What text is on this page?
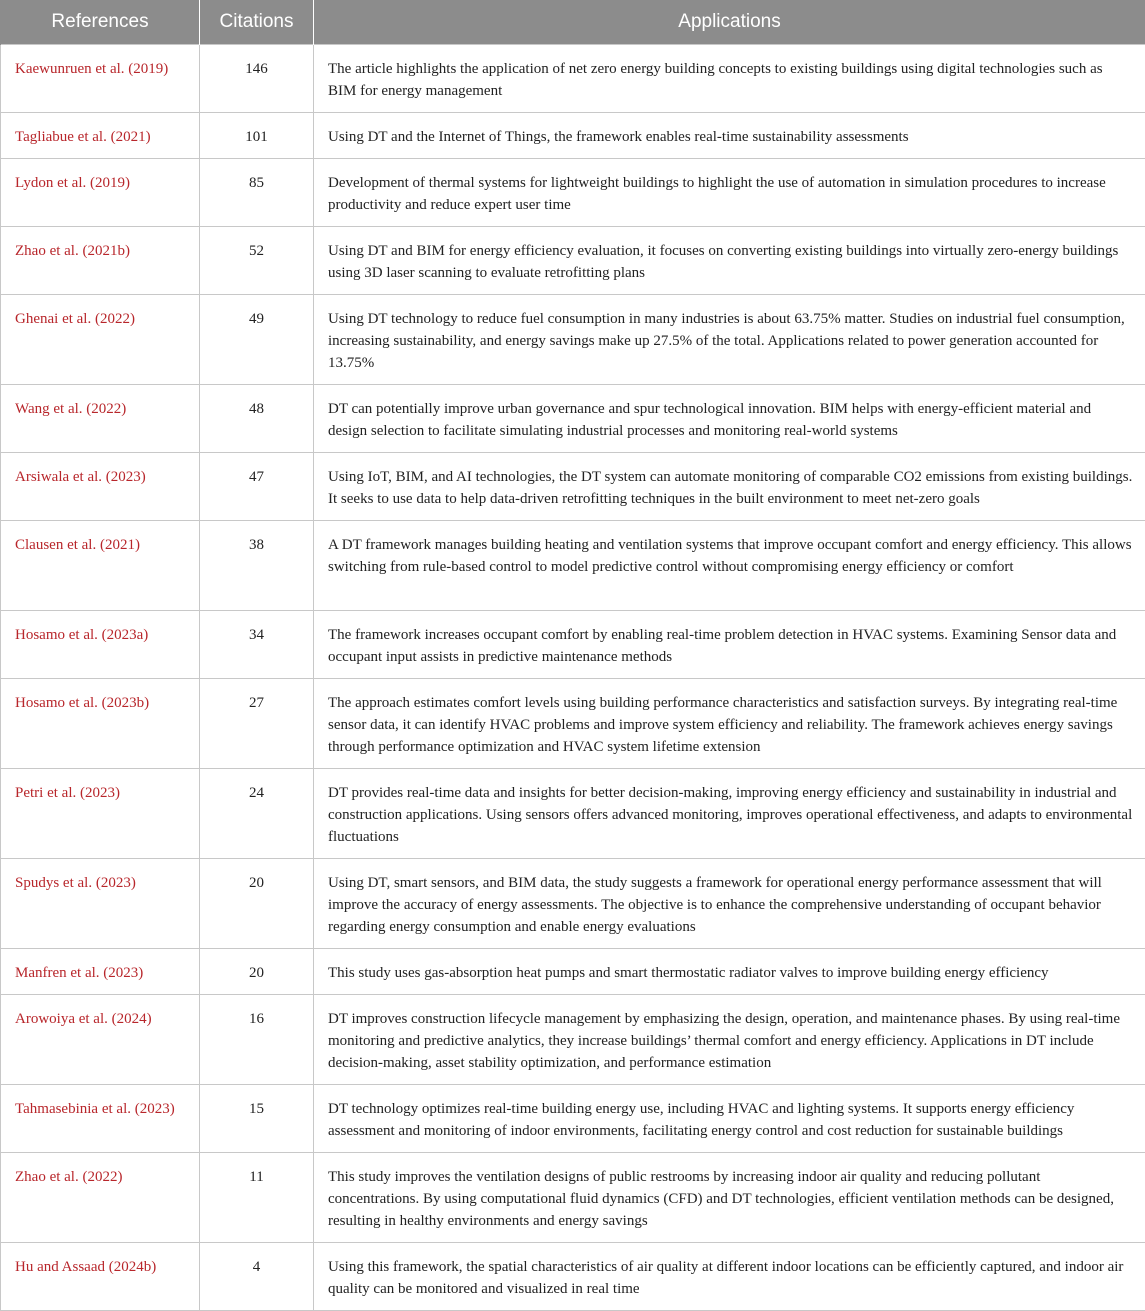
References	Citations	Applications
Kaewunruen et al. (2019)	146	The article highlights the application of net zero energy building concepts to existing buildings using digital technologies such as BIM for energy management
Tagliabue et al. (2021)	101	Using DT and the Internet of Things, the framework enables real-time sustainability assessments
Lydon et al. (2019)	85	Development of thermal systems for lightweight buildings to highlight the use of automation in simulation procedures to increase productivity and reduce expert user time
Zhao et al. (2021b)	52	Using DT and BIM for energy efficiency evaluation, it focuses on converting existing buildings into virtually zero-energy buildings using 3D laser scanning to evaluate retrofitting plans
Ghenai et al. (2022)	49	Using DT technology to reduce fuel consumption in many industries is about 63.75% matter. Studies on industrial fuel consumption, increasing sustainability, and energy savings make up 27.5% of the total. Applications related to power generation accounted for 13.75%
Wang et al. (2022)	48	DT can potentially improve urban governance and spur technological innovation. BIM helps with energy-efficient material and design selection to facilitate simulating industrial processes and monitoring real-world systems
Arsiwala et al. (2023)	47	Using IoT, BIM, and AI technologies, the DT system can automate monitoring of comparable CO2 emissions from existing buildings. It seeks to use data to help data-driven retrofitting techniques in the built environment to meet net-zero goals
Clausen et al. (2021)	38	A DT framework manages building heating and ventilation systems that improve occupant comfort and energy efficiency. This allows switching from rule-based control to model predictive control without compromising energy efficiency or comfort
Hosamo et al. (2023a)	34	The framework increases occupant comfort by enabling real-time problem detection in HVAC systems. Examining Sensor data and occupant input assists in predictive maintenance methods
Hosamo et al. (2023b)	27	The approach estimates comfort levels using building performance characteristics and satisfaction surveys. By integrating real-time sensor data, it can identify HVAC problems and improve system efficiency and reliability. The framework achieves energy savings through performance optimization and HVAC system lifetime extension
Petri et al. (2023)	24	DT provides real-time data and insights for better decision-making, improving energy efficiency and sustainability in industrial and construction applications. Using sensors offers advanced monitoring, improves operational effectiveness, and adapts to environmental fluctuations
Spudys et al. (2023)	20	Using DT, smart sensors, and BIM data, the study suggests a framework for operational energy performance assessment that will improve the accuracy of energy assessments. The objective is to enhance the comprehensive understanding of occupant behavior regarding energy consumption and enable energy evaluations
Manfren et al. (2023)	20	This study uses gas-absorption heat pumps and smart thermostatic radiator valves to improve building energy efficiency
Arowoiya et al. (2024)	16	DT improves construction lifecycle management by emphasizing the design, operation, and maintenance phases. By using real-time monitoring and predictive analytics, they increase buildings’ thermal comfort and energy efficiency. Applications in DT include decision-making, asset stability optimization, and performance estimation
Tahmasebinia et al. (2023)	15	DT technology optimizes real-time building energy use, including HVAC and lighting systems. It supports energy efficiency assessment and monitoring of indoor environments, facilitating energy control and cost reduction for sustainable buildings
Zhao et al. (2022)	11	This study improves the ventilation designs of public restrooms by increasing indoor air quality and reducing pollutant concentrations. By using computational fluid dynamics (CFD) and DT technologies, efficient ventilation methods can be designed, resulting in healthy environments and energy savings
Hu and Assaad (2024b)	4	Using this framework, the spatial characteristics of air quality at different indoor locations can be efficiently captured, and indoor air quality can be monitored and visualized in real time
